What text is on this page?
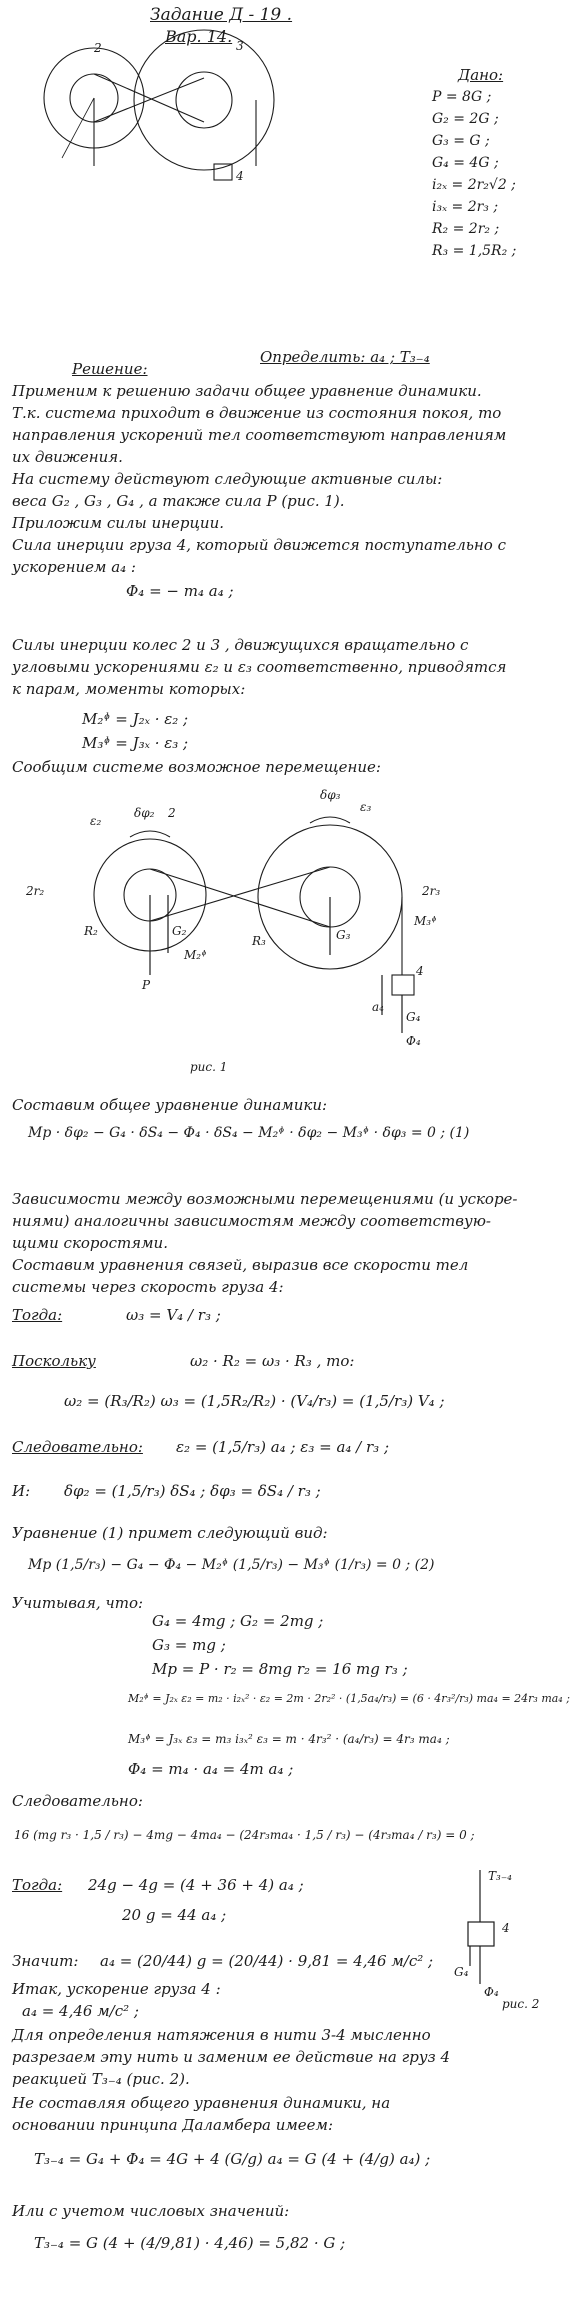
Задание Д - 19 .
Вар. 14.
2	3
4
Дано:
P = 8G ;
G₂ = 2G ;
G₃ = G ;
G₄ = 4G ;
i₂ₓ = 2r₂√2 ;
i₃ₓ = 2r₃ ;
R₂ = 2r₂ ;
R₃ = 1,5R₂ ;
Определить: a₄ ; T₃₋₄
Решение:
Применим к решению задачи общее уравнение динамики.
Т.к. система приходит в движение из состояния покоя, то
направления ускорений тел соответствуют направлениям
их движения.
На систему действуют следующие активные силы:
веса G₂ , G₃ , G₄ , а также сила P (рис. 1).
Приложим силы инерции.
Сила инерции груза 4, который движется поступательно с
ускорением a₄ :
Φ₄ = − m₄ a₄ ;
Силы инерции колес 2 и 3 , движущихся вращательно с
угловыми ускорениями ε₂ и ε₃ соответственно, приводятся
к парам, моменты которых:
M₂ᶲ = J₂ₓ · ε₂ ;
M₃ᶲ = J₃ₓ · ε₃ ;
Сообщим системе возможное перемещение:
2	ε₃
δφ₃
ε₂
δφ₂
2r₂	2r₃
R₂
R₃
P
G₂	G₃
G₄
Φ₄
M₂ᶲ
M₃ᶲ
a₄
4
рис. 1
Составим общее уравнение динамики:
Mp · δφ₂ − G₄ · δS₄ − Φ₄ · δS₄ − M₂ᶲ · δφ₂ − M₃ᶲ · δφ₃ = 0 ; (1)
Зависимости между возможными перемещениями (и ускоре-
ниями) аналогичны зависимостям между соответствую-
щими скоростями.
Составим уравнения связей, выразив все скорости тел
системы через скорость груза 4:
Тогда:	ω₃ = V₄ / r₃ ;
Поскольку	ω₂ · R₂ = ω₃ · R₃ , то:
ω₂ = (R₃/R₂) ω₃ = (1,5R₂/R₂) · (V₄/r₃) = (1,5/r₃) V₄ ;
Следовательно: ε₂ = (1,5/r₃) a₄ ; ε₃ = a₄ / r₃ ;
И: δφ₂ = (1,5/r₃) δS₄ ; δφ₃ = δS₄ / r₃ ;
Уравнение (1) примет следующий вид:
Mp (1,5/r₃) − G₄ − Φ₄ − M₂ᶲ (1,5/r₃) − M₃ᶲ (1/r₃) = 0 ; (2)
Учитывая, что:
G₄ = 4mg ; G₂ = 2mg ;
G₃ = mg ;
Mp = P · r₂ = 8mg r₂ = 16 mg r₃ ;
M₂ᶲ = J₂ₓ ε₂ = m₂ · i₂ₓ² · ε₂ = 2m · 2r₂² · (1,5a₄/r₃) = (6 · 4r₃²/r₃) ma₄ = 24r₃ ma₄ ;
M₃ᶲ = J₃ₓ ε₃ = m₃ i₃ₓ² ε₃ = m · 4r₃² · (a₄/r₃) = 4r₃ ma₄ ;
Φ₄ = m₄ · a₄ = 4m a₄ ;
Следовательно:
16 (mg r₃ · 1,5 / r₃) − 4mg − 4ma₄ − (24r₃ma₄ · 1,5 / r₃) − (4r₃ma₄ / r₃) = 0 ;
Тогда: 24g − 4g = (4 + 36 + 4) a₄ ;
20 g = 44 a₄ ;
T₃₋₄
4
G₄
Φ₄
рис. 2
Значит: a₄ = (20/44) g = (20/44) · 9,81 = 4,46 м/с² ;
Итак, ускорение груза 4 :
a₄ = 4,46 м/с² ;
Для определения натяжения в нити 3-4 мысленно
разрезаем эту нить и заменим ее действие на груз 4
реакцией T₃₋₄ (рис. 2).
Не составляя общего уравнения динамики, на
основании принципа Даламбера имеем:
T₃₋₄ = G₄ + Φ₄ = 4G + 4 (G/g) a₄ = G (4 + (4/g) a₄) ;
Или с учетом числовых значений:
T₃₋₄ = G (4 + (4/9,81) · 4,46) = 5,82 · G ;
